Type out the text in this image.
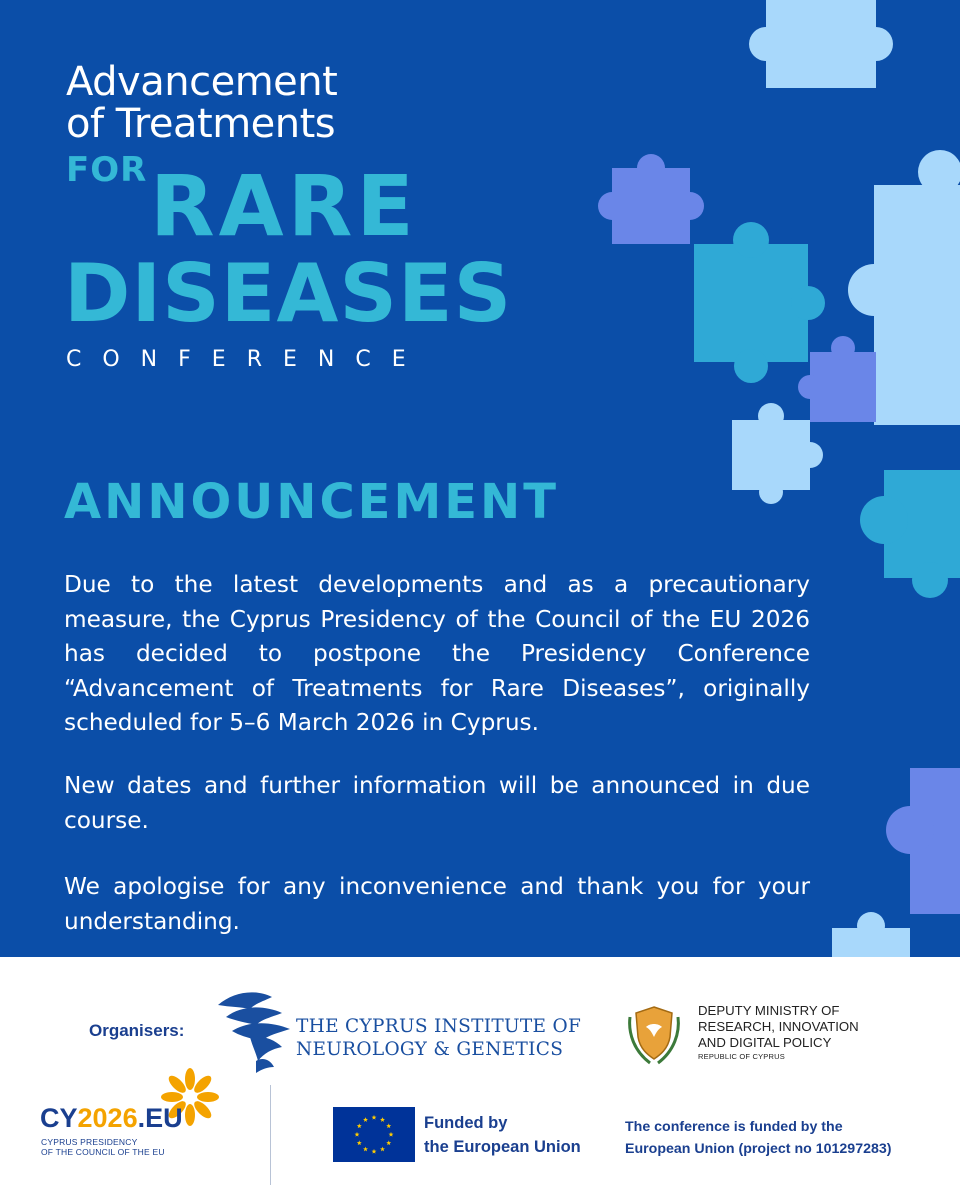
Advancement
of Treatments
FOR RARE
DISEASES
CONFERENCE
ANNOUNCEMENT
Due to the latest developments and as a precautionary measure, the Cyprus Presidency of the Council of the EU 2026 has decided to postpone the Presidency Conference “Advancement of Treatments for Rare Diseases”, originally scheduled for 5–6 March 2026 in Cyprus.
New dates and further information will be announced in due course.
We apologise for any inconvenience and thank you for your understanding.
Organisers:	THE CYPRUS INSTITUTE OF
NEUROLOGY & GENETICS
DEPUTY MINISTRY OF
RESEARCH, INNOVATION
AND DIGITAL POLICY
REPUBLIC OF CYPRUS
CY2026.EU
CYPRUS PRESIDENCY
OF THE COUNCIL OF THE EU
Funded by
the European Union
The conference is funded by the
European Union (project no 101297283)
